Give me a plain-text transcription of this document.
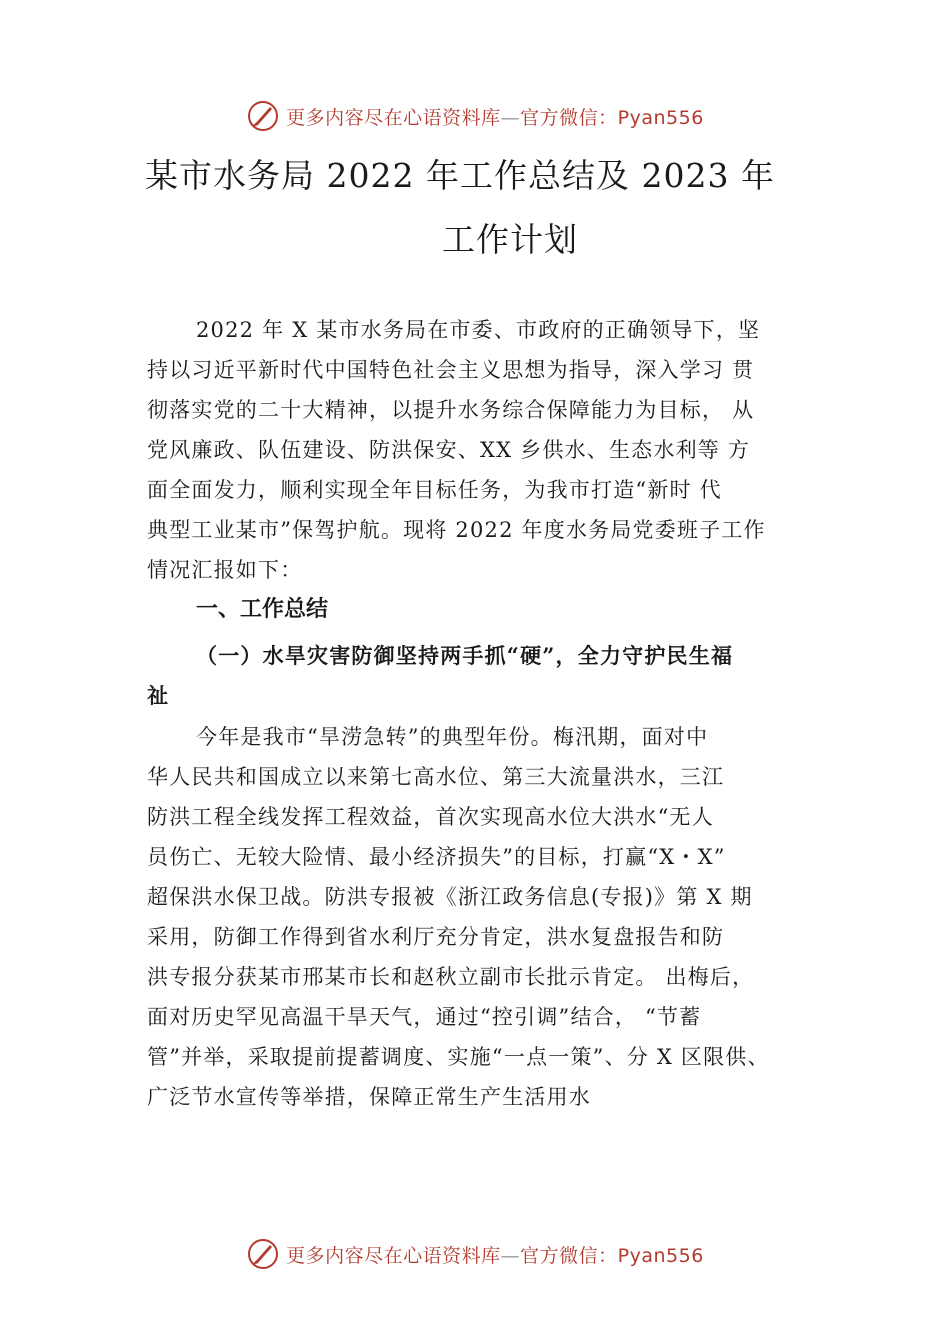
更多内容尽在心语资料库—官方微信：Pyan556
某市水务局 2022 年工作总结及 2023 年
工作计划
2022 年 X 某市水务局在市委、市政府的正确领导下，坚
持以习近平新时代中国特色社会主义思想为指导，深入学习 贯
彻落实党的二十大精神，以提升水务综合保障能力为目标， 从
党风廉政、队伍建设、防洪保安、XX 乡供水、生态水利等 方
面全面发力，顺利实现全年目标任务，为我市打造“新时 代
典型工业某市”保驾护航。现将 2022 年度水务局党委班子工作
情况汇报如下：
一、工作总结
（一）水旱灾害防御坚持两手抓“硬”，全力守护民生福
祉
今年是我市“旱涝急转”的典型年份。梅汛期，面对中
华人民共和国成立以来第七高水位、第三大流量洪水，三江
防洪工程全线发挥工程效益，首次实现高水位大洪水“无人
员伤亡、无较大险情、最小经济损失”的目标，打赢“X・X”
超保洪水保卫战。防洪专报被《浙江政务信息(专报)》第 X 期
采用，防御工作得到省水利厅充分肯定，洪水复盘报告和防
洪专报分获某市邢某市长和赵秋立副市长批示肯定。 出梅后，
面对历史罕见高温干旱天气，通过“控引调”结合， “节蓄
管”并举，采取提前提蓄调度、实施“一点一策”、分 X 区限供、
广泛节水宣传等举措，保障正常生产生活用水
更多内容尽在心语资料库—官方微信：Pyan556
